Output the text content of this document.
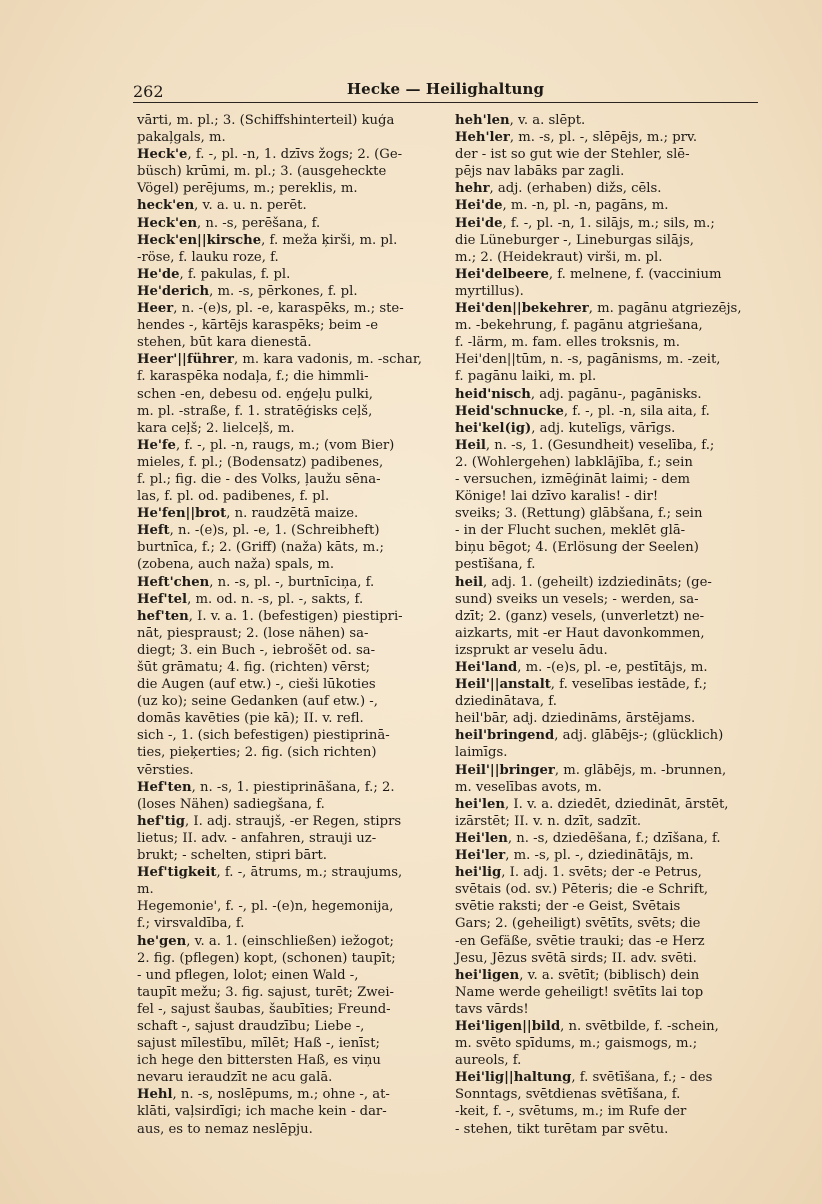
262	Hecke — Heilighaltung
vārti, m. pl.; 3. (Schiffshinterteil) kuģa
pakaļgals, m.
Heck'e, f. -, pl. -n, 1. dzīvs žogs; 2. (Ge-
büsch) krūmi, m. pl.; 3. (ausgeheckte
Vögel) perējums, m.; pereklis, m.
heck'en, v. a. u. n. perēt.
Heck'en, n. -s, perēšana, f.
Heck'en||kirsche, f. meža ķirši, m. pl.
-röse, f. lauku roze, f.
He'de, f. pakulas, f. pl.
He'derich, m. -s, pērkones, f. pl.
Heer, n. -(e)s, pl. -e, karaspēks, m.; ste-
hendes -, kārtējs karaspēks; beim -e
stehen, būt kara dienestā.
Heer'||führer, m. kara vadonis, m. -schar,
f. karaspēka nodaļa, f.; die himmli-
schen -en, debesu od. eņģeļu pulki,
m. pl. -straße, f. 1. stratēģisks ceļš,
kara ceļš; 2. lielceļš, m.
He'fe, f. -, pl. -n, raugs, m.; (vom Bier)
mieles, f. pl.; (Bodensatz) padibenes,
f. pl.; fig. die - des Volks, ļaužu sēna-
las, f. pl. od. padibenes, f. pl.
He'fen||brot, n. raudzētā maize.
Heft, n. -(e)s, pl. -e, 1. (Schreibheft)
burtnīca, f.; 2. (Griff) (naža) kāts, m.;
(zobena, auch naža) spals, m.
Heft'chen, n. -s, pl. -, burtnīciņa, f.
Hef'tel, m. od. n. -s, pl. -, sakts, f.
hef'ten, I. v. a. 1. (befestigen) piestipri-
nāt, piespraust; 2. (lose nähen) sa-
diegt; 3. ein Buch -, iebrošēt od. sa-
šūt grāmatu; 4. fig. (richten) vērst;
die Augen (auf etw.) -, cieši lūkoties
(uz ko); seine Gedanken (auf etw.) -,
domās kavēties (pie kā); II. v. refl.
sich -, 1. (sich befestigen) piestiprinā-
ties, pieķerties; 2. fig. (sich richten)
vērsties.
Hef'ten, n. -s, 1. piestiprināšana, f.; 2.
(loses Nähen) sadiegšana, f.
hef'tig, I. adj. straujš, -er Regen, stiprs
lietus; II. adv. - anfahren, strauji uz-
brukt; - schelten, stipri bārt.
Hef'tigkeit, f. -, ātrums, m.; straujums,
m.
Hegemonie', f. -, pl. -(e)n, hegemonija,
f.; virsvaldība, f.
he'gen, v. a. 1. (einschließen) iežogot;
2. fig. (pflegen) kopt, (schonen) taupīt;
- und pflegen, lolot; einen Wald -,
taupīt mežu; 3. fig. sajust, turēt; Zwei-
fel -, sajust šaubas, šaubīties; Freund-
schaft -, sajust draudzību; Liebe -,
sajust mīlestību, mīlēt; Haß -, ienīst;
ich hege den bittersten Haß, es viņu
nevaru ieraudzīt ne acu galā.
Hehl, n. -s, noslēpums, m.; ohne -, at-
klāti, vaļsirdīgi; ich mache kein - dar-
aus, es to nemaz neslēpju.
heh'len, v. a. slēpt.
Heh'ler, m. -s, pl. -, slēpējs, m.; prv.
der - ist so gut wie der Stehler, slē-
pējs nav labāks par zagli.
hehr, adj. (erhaben) dižs, cēls.
Hei'de, m. -n, pl. -n, pagāns, m.
Hei'de, f. -, pl. -n, 1. silājs, m.; sils, m.;
die Lüneburger -, Lineburgas silājs,
m.; 2. (Heidekraut) virši, m. pl.
Hei'delbeere, f. melnene, f. (vaccinium
myrtillus).
Hei'den||bekehrer, m. pagānu atgriezējs,
m. -bekehrung, f. pagānu atgriešana,
f. -lärm, m. fam. elles troksnis, m.
Hei'den||tūm, n. -s, pagānisms, m. -zeit,
f. pagānu laiki, m. pl.
heid'nisch, adj. pagānu-, pagānisks.
Heid'schnucke, f. -, pl. -n, sila aita, f.
hei'kel(ig), adj. kutelīgs, vārīgs.
Heil, n. -s, 1. (Gesundheit) veselība, f.;
2. (Wohlergehen) labklājība, f.; sein
- versuchen, izmēģināt laimi; - dem
Könige! lai dzīvo karalis! - dir!
sveiks; 3. (Rettung) glābšana, f.; sein
- in der Flucht suchen, meklēt glā-
biņu bēgot; 4. (Erlösung der Seelen)
pestīšana, f.
heil, adj. 1. (geheilt) izdziedināts; (ge-
sund) sveiks un vesels; - werden, sa-
dzīt; 2. (ganz) vesels, (unverletzt) ne-
aizkarts, mit -er Haut davonkommen,
izsprukt ar veselu ādu.
Hei'land, m. -(e)s, pl. -e, pestītājs, m.
Heil'||anstalt, f. veselības iestāde, f.;
dziedinātava, f.
heil'bār, adj. dziedināms, ārstējams.
heil'bringend, adj. glābējs-; (glücklich)
laimīgs.
Heil'||bringer, m. glābējs, m. -brunnen,
m. veselības avots, m.
hei'len, I. v. a. dziedēt, dziedināt, ārstēt,
izārstēt; II. v. n. dzīt, sadzīt.
Hei'len, n. -s, dziedēšana, f.; dzīšana, f.
Hei'ler, m. -s, pl. -, dziedinātājs, m.
hei'lig, I. adj. 1. svēts; der -e Petrus,
svētais (od. sv.) Pēteris; die -e Schrift,
svētie raksti; der -e Geist, Svētais
Gars; 2. (geheiligt) svētīts, svēts; die
-en Gefäße, svētie trauki; das -e Herz
Jesu, Jēzus svētā sirds; II. adv. svēti.
hei'ligen, v. a. svētīt; (biblisch) dein
Name werde geheiligt! svētīts lai top
tavs vārds!
Hei'ligen||bild, n. svētbilde, f. -schein,
m. svēto spīdums, m.; gaismogs, m.;
aureols, f.
Hei'lig||haltung, f. svētīšana, f.; - des
Sonntags, svētdienas svētīšana, f.
-keit, f. -, svētums, m.; im Rufe der
- stehen, tikt turētam par svētu.
